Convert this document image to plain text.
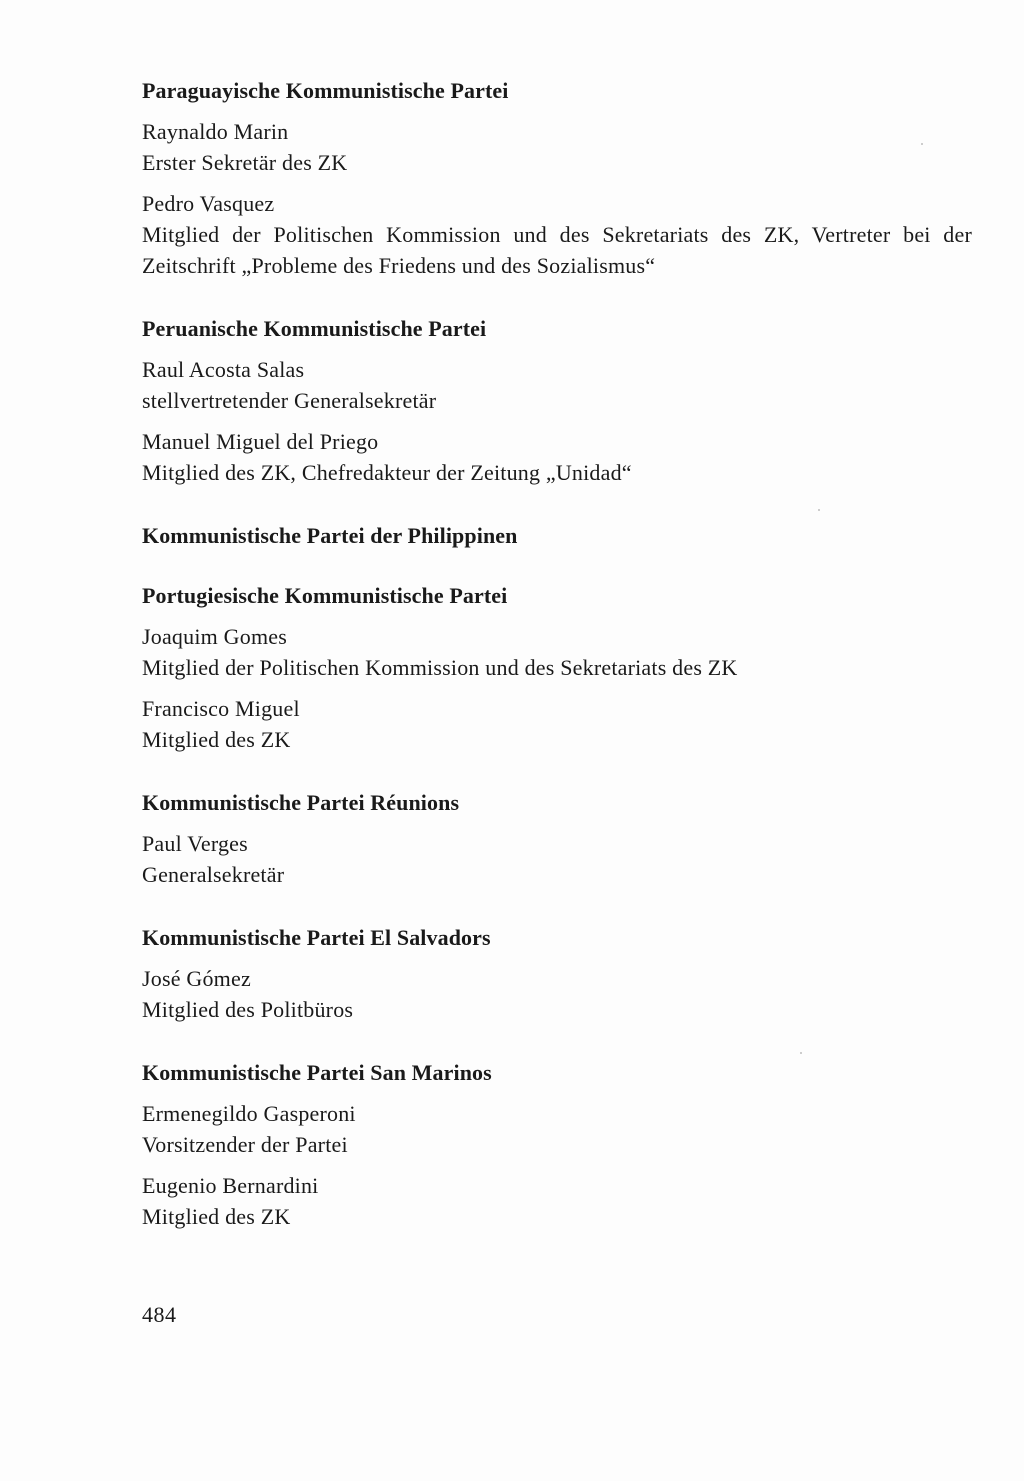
Paraguayische Kommunistische Partei
Raynaldo Marin
Erster Sekretär des ZK
Pedro Vasquez
Mitglied der Politischen Kommission und des Sekretariats des ZK, Vertreter bei der Zeitschrift „Probleme des Friedens und des Sozialismus“
Peruanische Kommunistische Partei
Raul Acosta Salas
stellvertretender Generalsekretär
Manuel Miguel del Priego
Mitglied des ZK, Chefredakteur der Zeitung „Unidad“
Kommunistische Partei der Philippinen
Portugiesische Kommunistische Partei
Joaquim Gomes
Mitglied der Politischen Kommission und des Sekretariats des ZK
Francisco Miguel
Mitglied des ZK
Kommunistische Partei Réunions
Paul Verges
Generalsekretär
Kommunistische Partei El Salvadors
José Gómez
Mitglied des Politbüros
Kommunistische Partei San Marinos
Ermenegildo Gasperoni
Vorsitzender der Partei
Eugenio Bernardini
Mitglied des ZK
484
